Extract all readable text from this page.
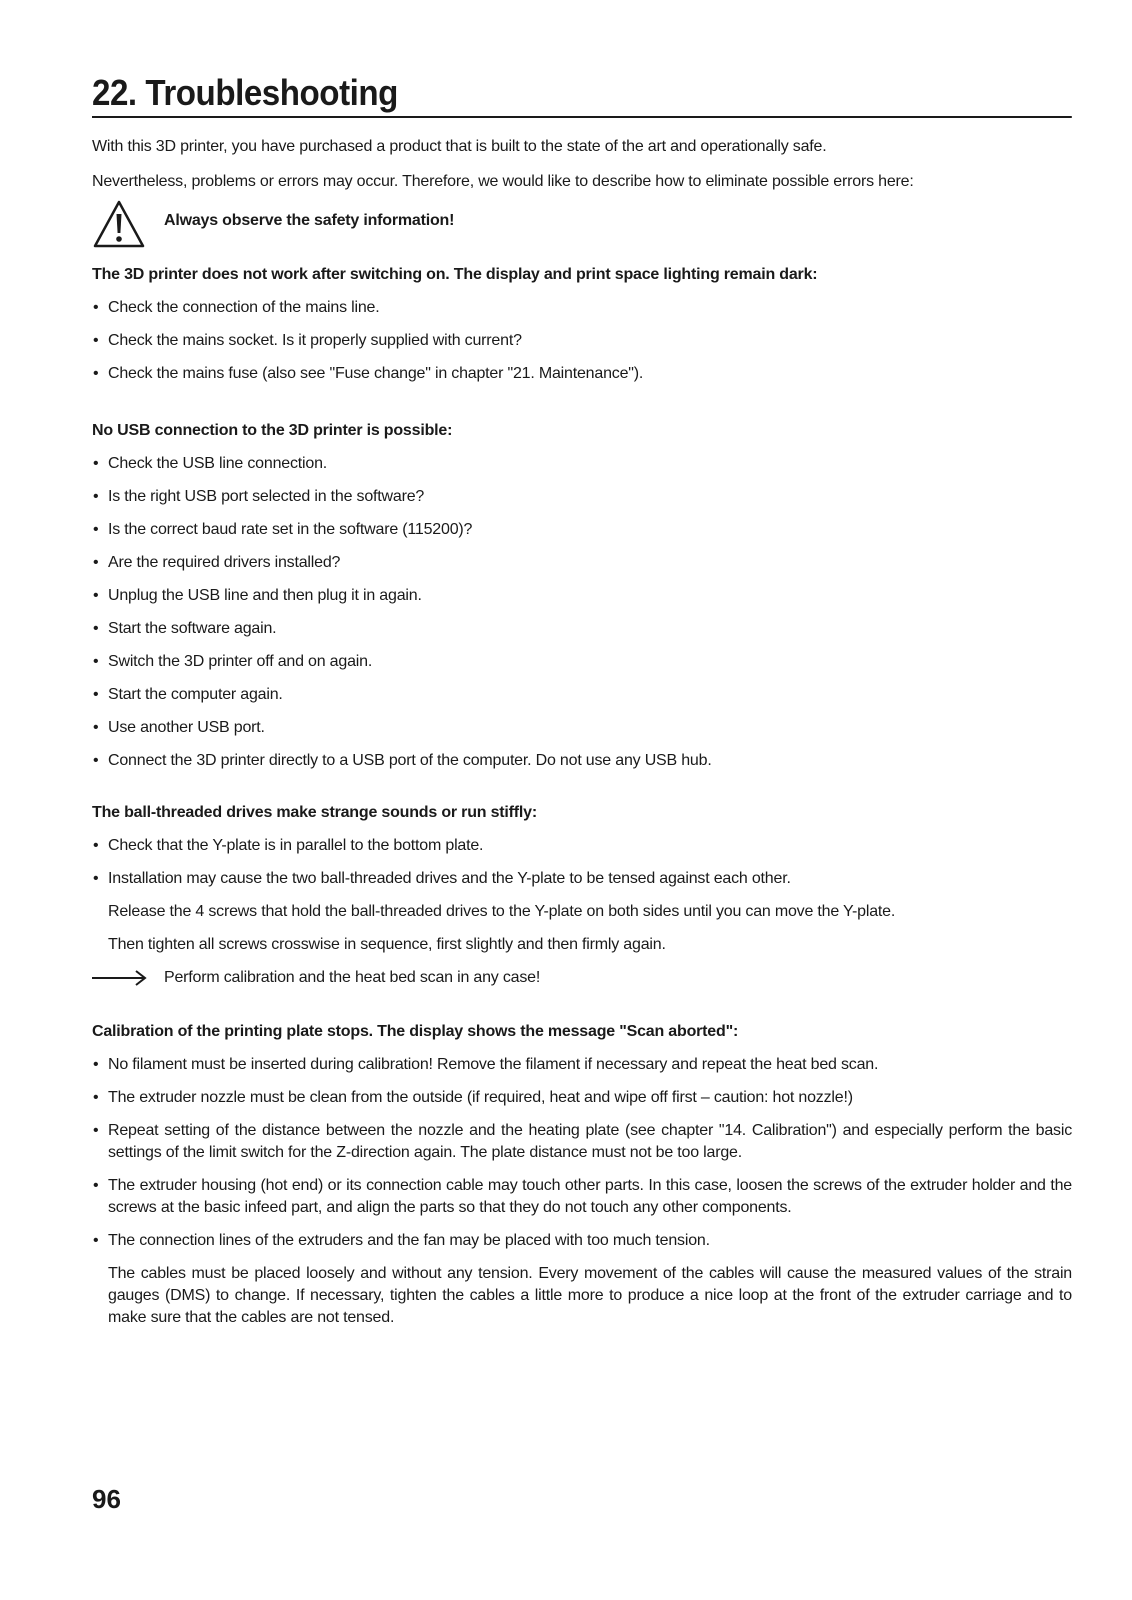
22. Troubleshooting

With this 3D printer, you have purchased a product that is built to the state of the art and operationally safe.

Nevertheless, problems or errors may occur. Therefore, we would like to describe how to eliminate possible errors here:

Always observe the safety information!
The 3D printer does not work after switching on. The display and print space lighting remain dark:
• Check the connection of the mains line.
• Check the mains socket. Is it properly supplied with current?
• Check the mains fuse (also see "Fuse change" in chapter "21. Maintenance").
No USB connection to the 3D printer is possible:
• Check the USB line connection.
• Is the right USB port selected in the software?
• Is the correct baud rate set in the software (115200)?
• Are the required drivers installed?
• Unplug the USB line and then plug it in again.
• Start the software again.
• Switch the 3D printer off and on again.
• Start the computer again.
• Use another USB port.
• Connect the 3D printer directly to a USB port of the computer. Do not use any USB hub.
The ball-threaded drives make strange sounds or run stiffly:
• Check that the Y-plate is in parallel to the bottom plate.
• Installation may cause the two ball-threaded drives and the Y-plate to be tensed against each other.

Release the 4 screws that hold the ball-threaded drives to the Y-plate on both sides until you can move the Y-plate.

Then tighten all screws crosswise in sequence, first slightly and then firmly again.

Perform calibration and the heat bed scan in any case!
Calibration of the printing plate stops. The display shows the message "Scan aborted":
• No filament must be inserted during calibration! Remove the filament if necessary and repeat the heat bed scan.
• The extruder nozzle must be clean from the outside (if required, heat and wipe off first – caution: hot nozzle!)
• Repeat setting of the distance between the nozzle and the heating plate (see chapter "14. Calibration") and especially perform the basic settings of the limit switch for the Z-direction again. The plate distance must not be too large.
• The extruder housing (hot end) or its connection cable may touch other parts. In this case, loosen the screws of the extruder holder and the screws at the basic infeed part, and align the parts so that they do not touch any other components.
• The connection lines of the extruders and the fan may be placed with too much tension.

The cables must be placed loosely and without any tension. Every movement of the cables will cause the measured values of the strain gauges (DMS) to change. If necessary, tighten the cables a little more to produce a nice loop at the front of the extruder carriage and to make sure that the cables are not tensed.

96
